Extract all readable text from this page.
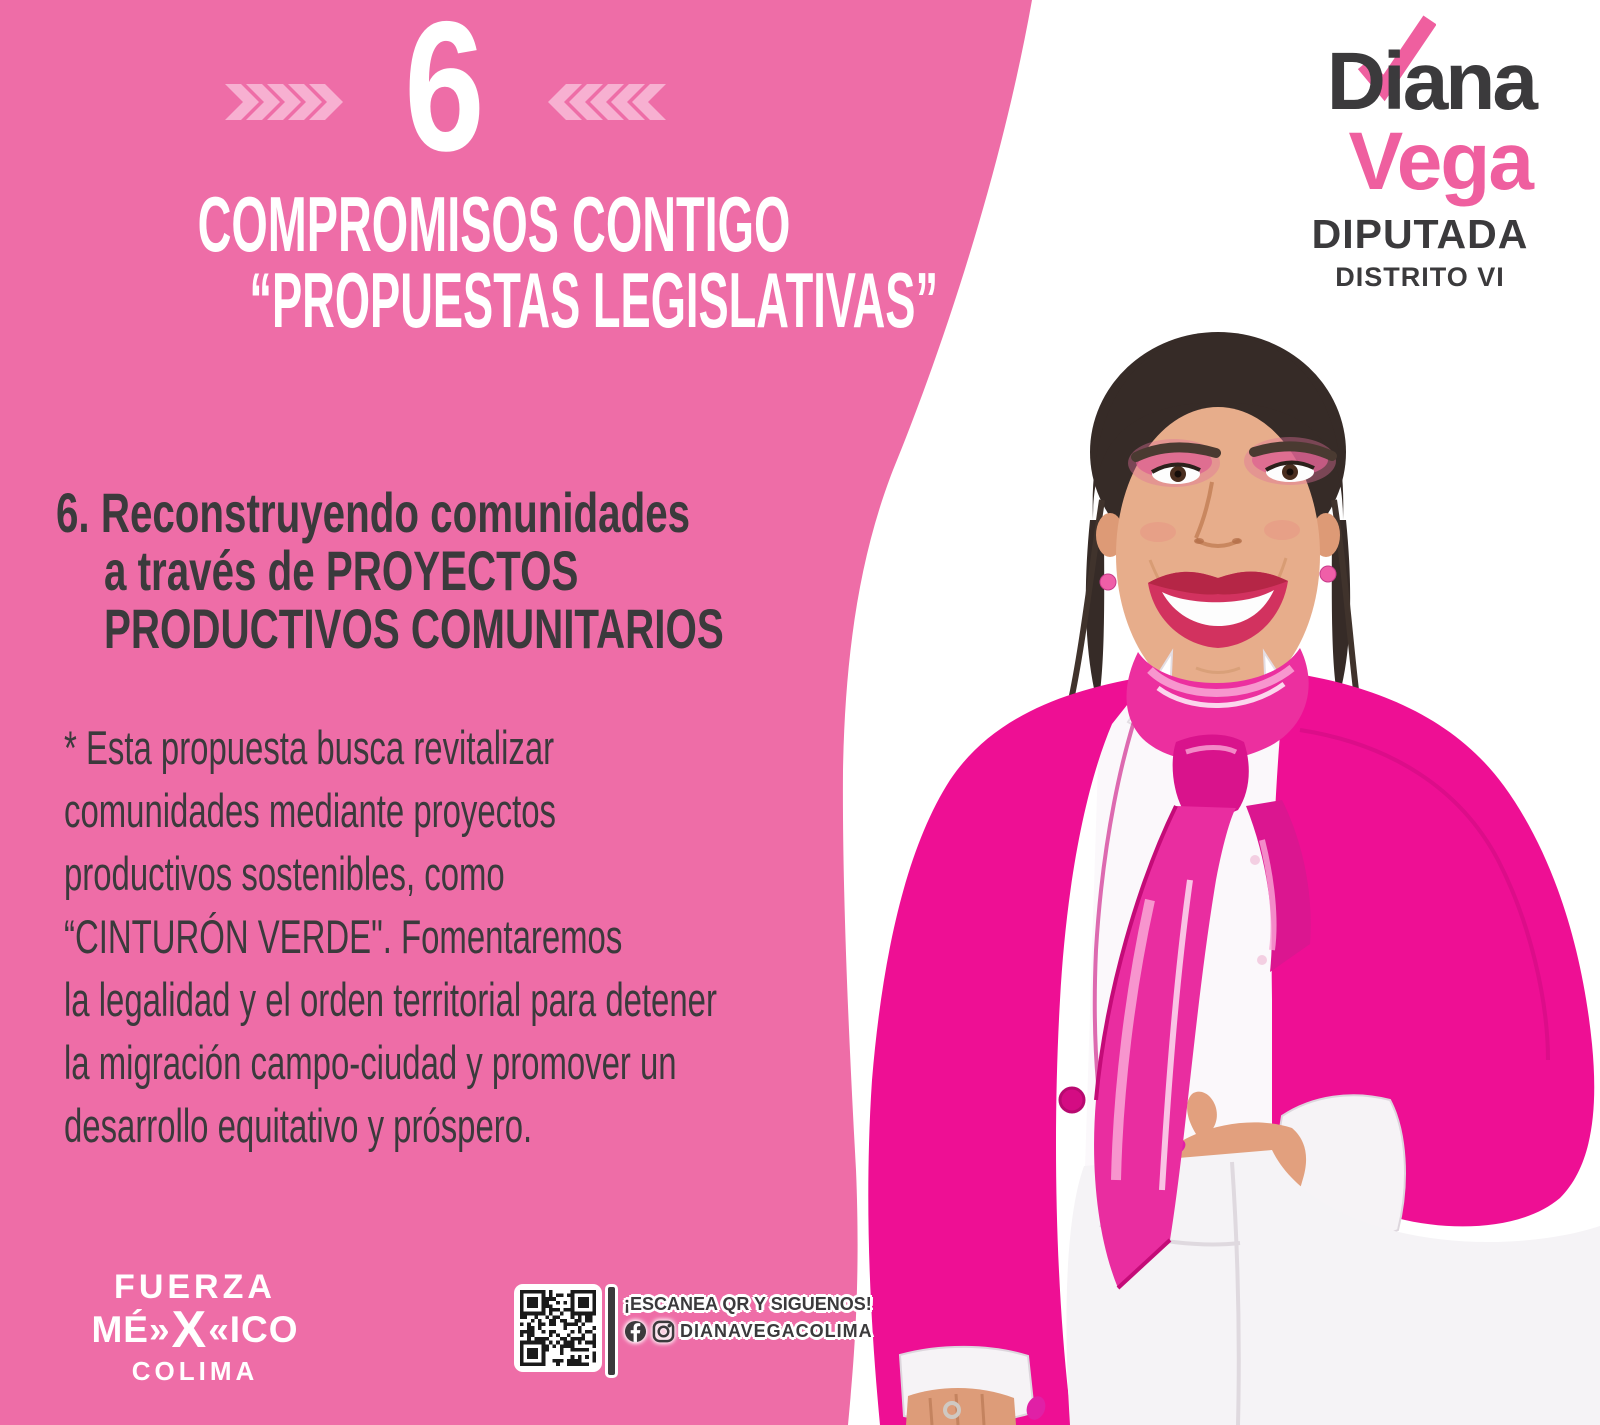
6
COMPROMISOS CONTIGO
“PROPUESTAS LEGISLATIVAS”
Diana
Vega
DIPUTADA
DISTRITO VI
6. Reconstruyendo comunidades
a través de PROYECTOS
PRODUCTIVOS COMUNITARIOS
* Esta propuesta busca revitalizar
comunidades mediante proyectos
productivos sostenibles, como
“CINTURÓN VERDE". Fomentaremos
la legalidad y el orden territorial para detener
la migración campo-ciudad y promover un
desarrollo equitativo y próspero.
FUERZA
MÉ» X «ICO
COLIMA
¡ESCANEA QR Y SIGUENOS!
DIANAVEGACOLIMA
